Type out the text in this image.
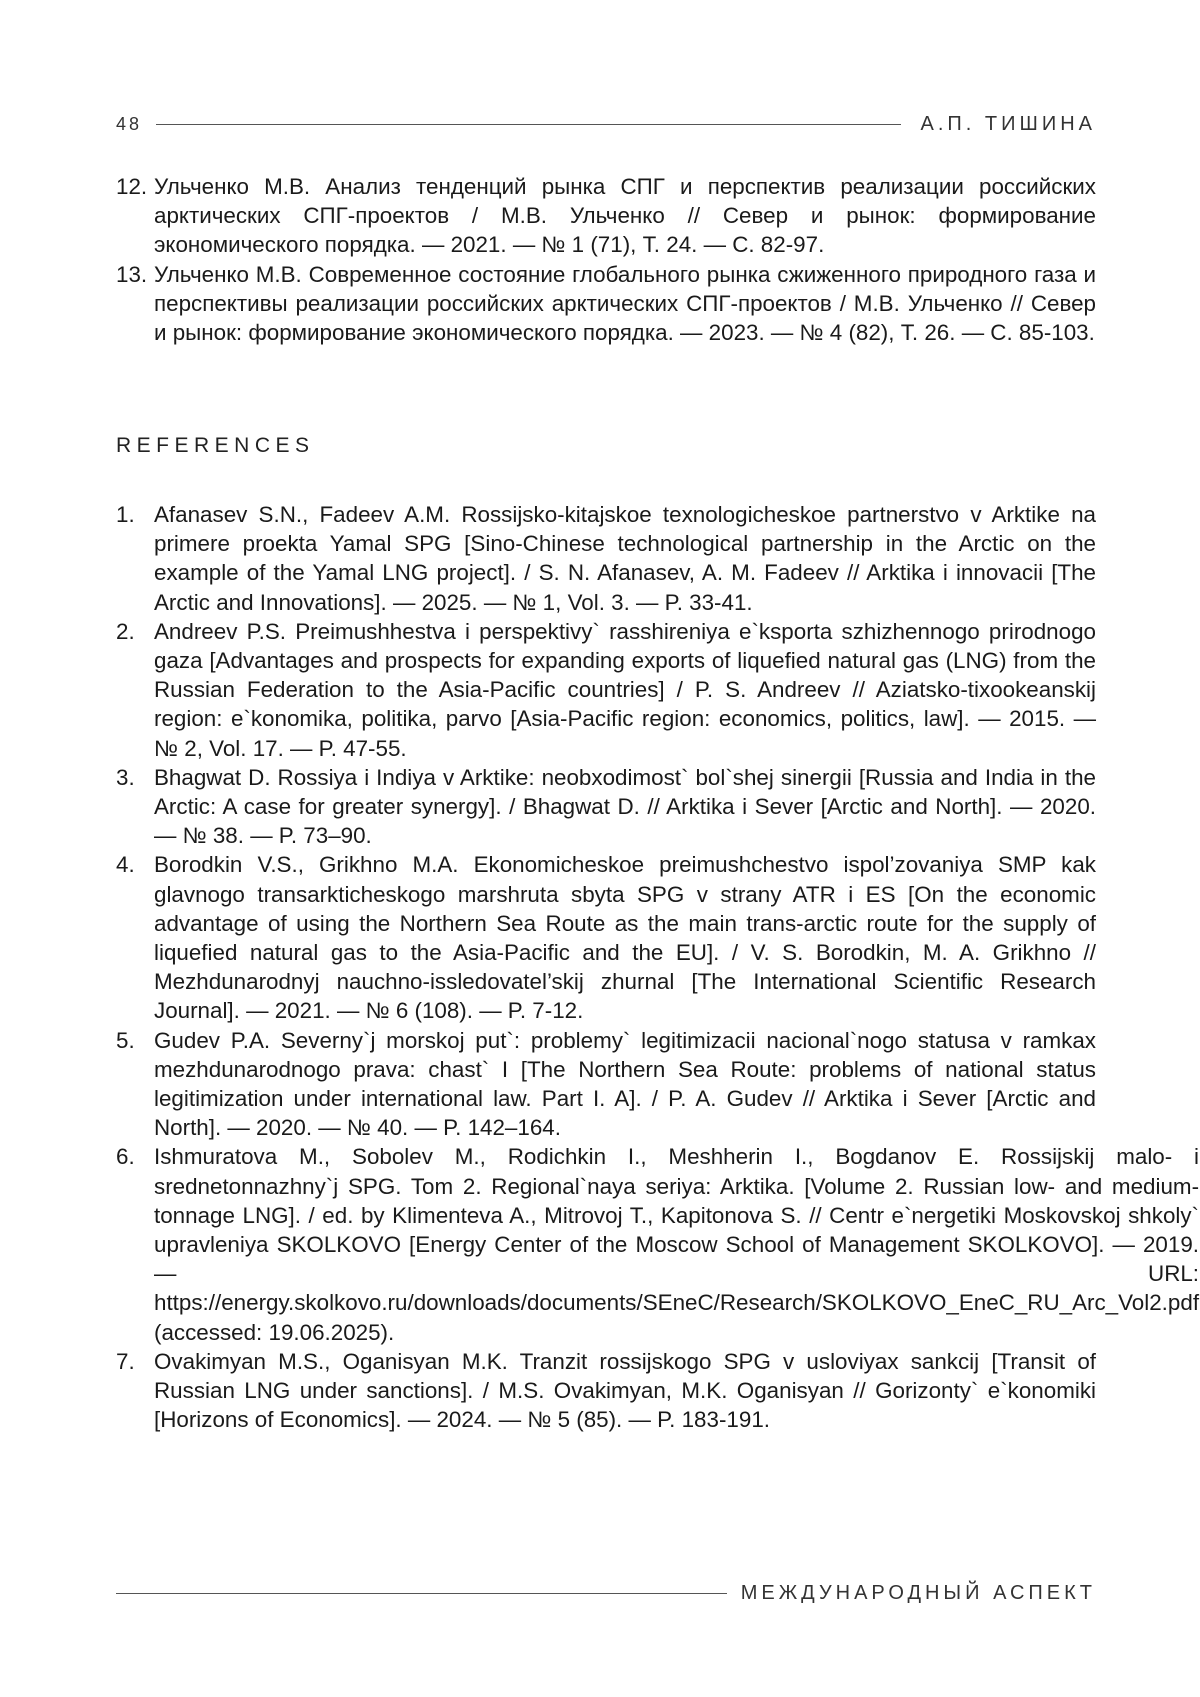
48	А.П. ТИШИНА
12. Ульченко М.В. Анализ тенденций рынка СПГ и перспектив реализации российских арктических СПГ-проектов / М.В. Ульченко // Север и рынок: формирование экономического порядка. — 2021. — № 1 (71), Т. 24. — С. 82-97.
13. Ульченко М.В. Современное состояние глобального рынка сжиженного природного газа и перспективы реализации российских арктических СПГ-проектов / М.В. Ульченко // Север и рынок: формирование экономического порядка. — 2023. — № 4 (82), Т. 26. — С. 85-103.
REFERENCES
1. Afanasev S.N., Fadeev A.M. Rossijsko-kitajskoe texnologicheskoe partnerstvo v Arktike na primere proekta Yamal SPG [Sino-Chinese technological partnership in the Arctic on the example of the Yamal LNG project]. / S. N. Afanasev, A. M. Fadeev // Arktika i innovacii [The Arctic and Innovations]. — 2025. — № 1, Vol. 3. — P. 33-41.
2. Andreev P.S. Preimushhestva i perspektivy` rasshireniya e`ksporta szhizhennogo prirodnogo gaza [Advantages and prospects for expanding exports of liquefied natural gas (LNG) from the Russian Federation to the Asia-Pacific countries] / P. S. Andreev // Aziatsko-tixookeanskij region: e`konomika, politika, parvo [Asia-Pacific region: economics, politics, law]. — 2015. — № 2, Vol. 17. — P. 47-55.
3. Bhagwat D. Rossiya i Indiya v Arktike: neobxodimost` bol`shej sinergii [Russia and India in the Arctic: A case for greater synergy]. / Bhagwat D. // Arktika i Sever [Arctic and North]. — 2020. — № 38. — P. 73–90.
4. Borodkin V.S., Grikhno M.A. Ekonomicheskoe preimushchestvo ispol’zovaniya SMP kak glavnogo transarkticheskogo marshruta sbyta SPG v strany ATR i ES [On the economic advantage of using the Northern Sea Route as the main trans-arctic route for the supply of liquefied natural gas to the Asia-Pacific and the EU]. / V. S. Borodkin, M. A. Grikhno // Mezhdunarodnyj nauchno-issledovatel’skij zhurnal [The International Scientific Research Journal]. — 2021. — № 6 (108). — P. 7-12.
5. Gudev P.A. Severny`j morskoj put`: problemy` legitimizacii nacional`nogo statusa v ramkax mezhdunarodnogo prava: chast` I [The Northern Sea Route: problems of national status legitimization under international law. Part I. A]. / P. A. Gudev // Arktika i Sever [Arctic and North]. — 2020. — № 40. — P. 142–164.
6. Ishmuratova M., Sobolev M., Rodichkin I., Meshherin I., Bogdanov E. Rossijskij malo- i srednetonnazhny`j SPG. Tom 2. Regional`naya seriya: Arktika. [Volume 2. Russian low- and medium-tonnage LNG]. / ed. by Klimenteva A., Mitrovoj T., Kapitonova S. // Centr e`nergetiki Moskovskoj shkoly` upravleniya SKOLKOVO [Energy Center of the Moscow School of Management SKOLKOVO]. — 2019. — URL: https://energy.skolkovo.ru/downloads/documents/SEneC/Research/SKOLKOVO_EneC_RU_Arc_Vol2.pdf (accessed: 19.06.2025).
7. Ovakimyan M.S., Oganisyan M.K. Tranzit rossijskogo SPG v usloviyax sankcij [Transit of Russian LNG under sanctions]. / M.S. Ovakimyan, M.K. Oganisyan // Gorizonty` e`konomiki [Horizons of Economics]. — 2024. — № 5 (85). — P. 183-191.
МЕЖДУНАРОДНЫЙ АСПЕКТ
